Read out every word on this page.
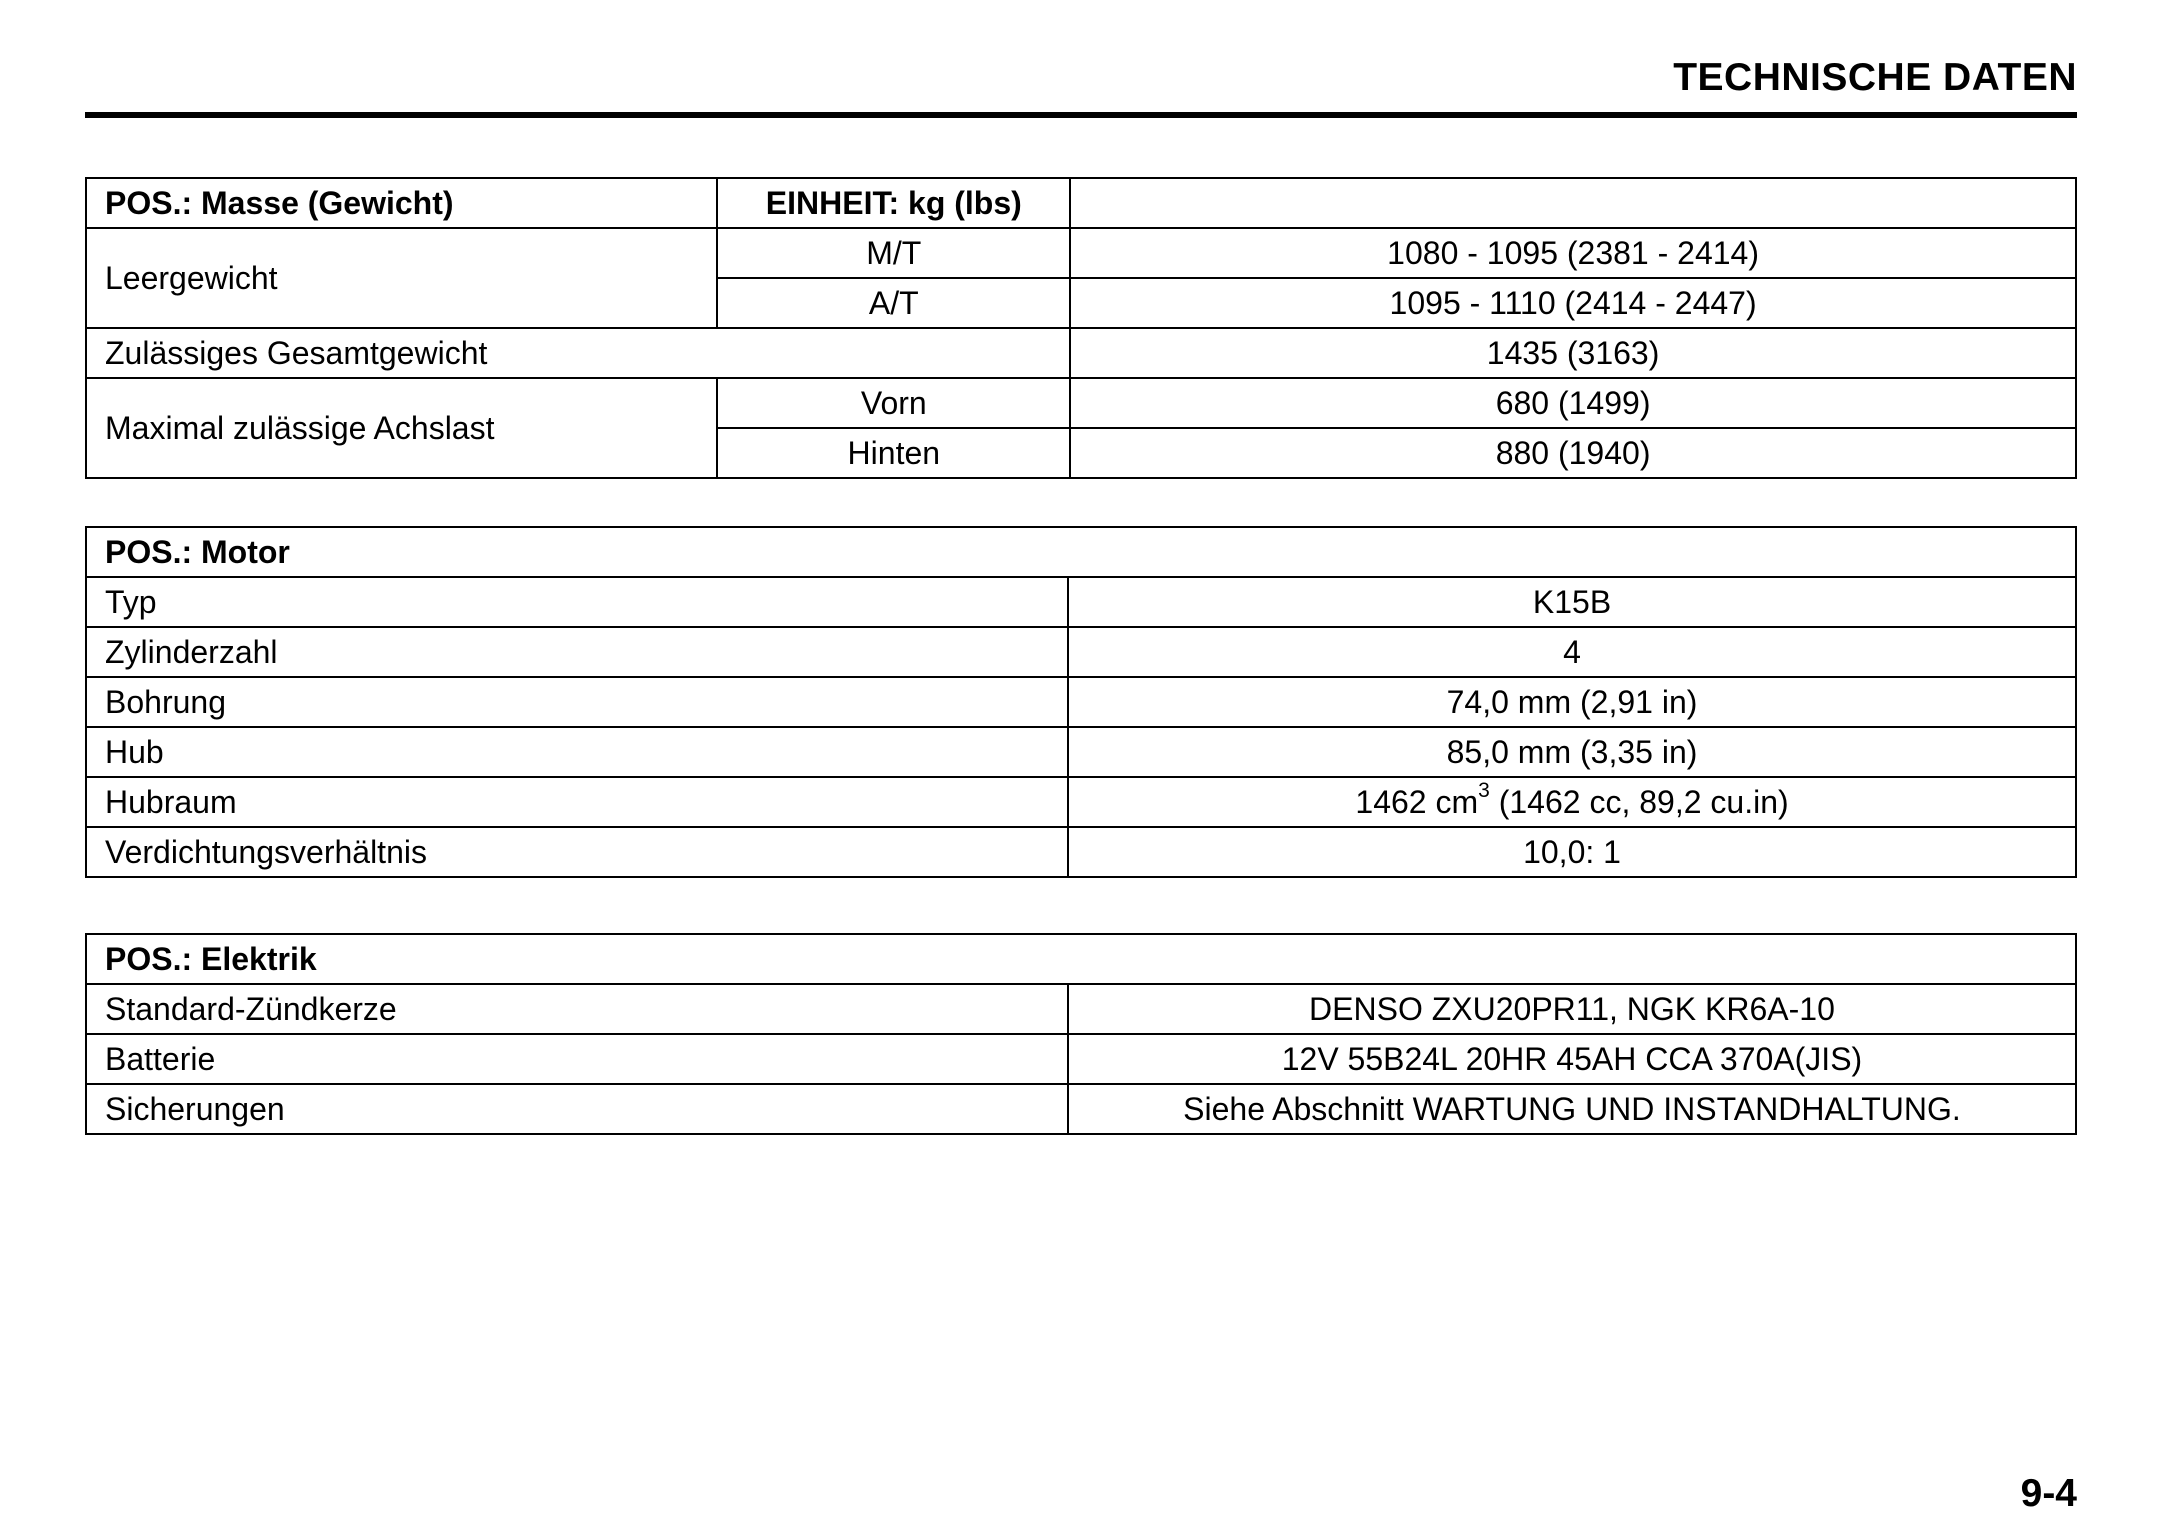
TECHNISCHE DATEN
POS.: Masse (Gewicht)	EINHEIT: kg (lbs)	
Leergewicht	M/T	1080 - 1095 (2381 - 2414)
	A/T	1095 - 1110 (2414 - 2447)
Zulässiges Gesamtgewicht		1435 (3163)
Maximal zulässige Achslast	Vorn	680 (1499)
	Hinten	880 (1940)
POS.: Motor	
Typ	K15B
Zylinderzahl	4
Bohrung	74,0 mm (2,91 in)
Hub	85,0 mm (3,35 in)
Hubraum	1462 $cm^3$ (1462 cc, 89,2 cu.in)
Verdichtungsverhältnis	10,0: 1
POS.: Elektrik	
Standard-Zündkerze	DENSO ZXU20PR11, NGK KR6A-10
Batterie	12V 55B24L 20HR 45AH CCA 370A(JIS)
Sicherungen	Siehe Abschnitt WARTUNG UND INSTANDHALTUNG.
9-4
